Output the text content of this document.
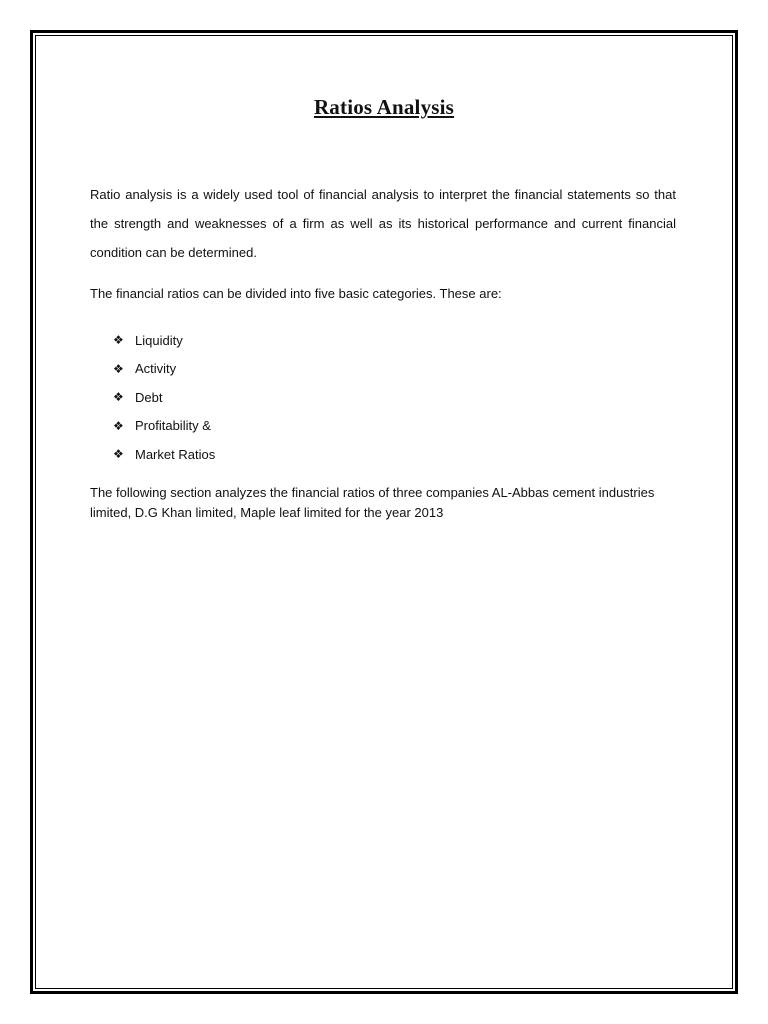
Ratios Analysis

Ratio analysis is a widely used tool of financial analysis to interpret the financial statements so that the strength and weaknesses of a firm as well as its historical performance and current financial condition can be determined.

The financial ratios can be divided into five basic categories. These are:

❖ Liquidity
❖ Activity
❖ Debt
❖ Profitability &
❖ Market Ratios

The following section analyzes the financial ratios of three companies AL-Abbas cement industries limited, D.G Khan limited, Maple leaf limited for the year 2013
